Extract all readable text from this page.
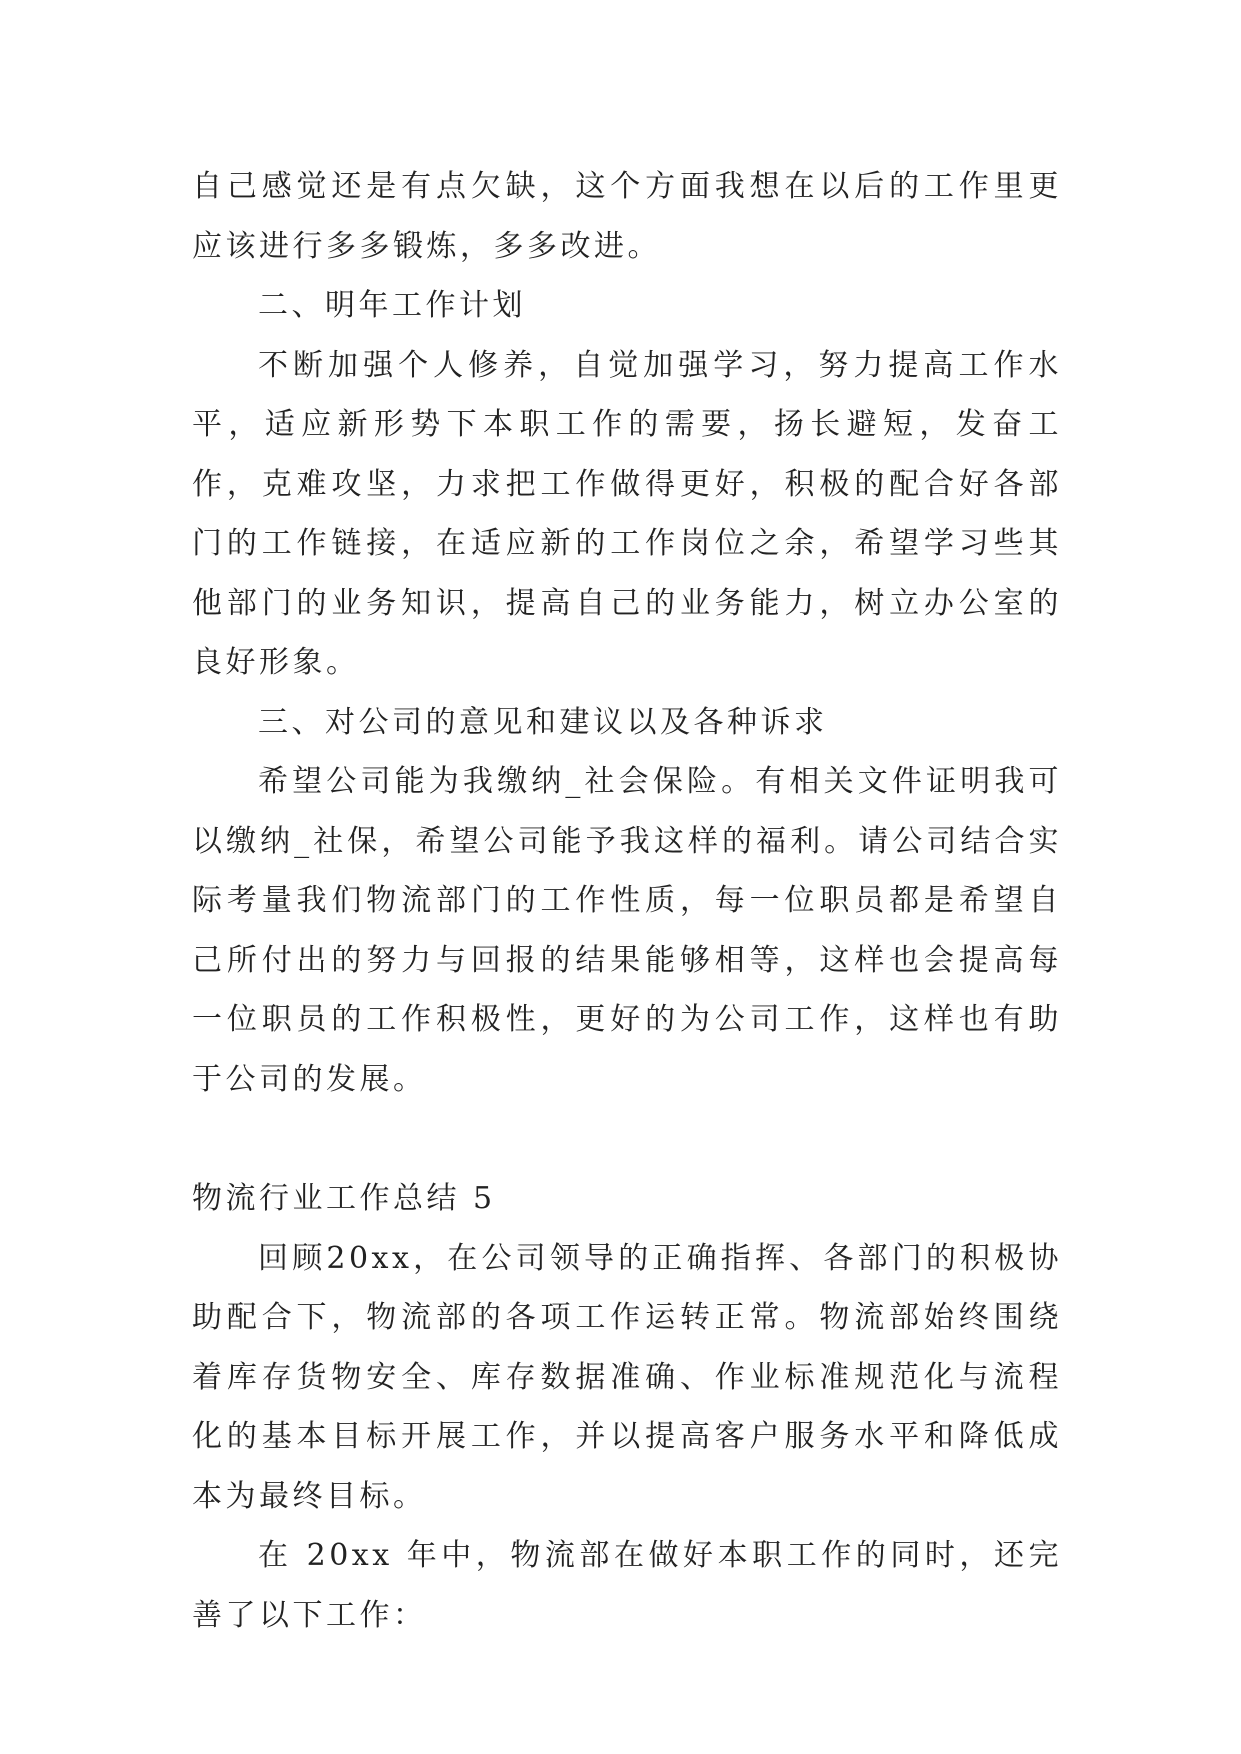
自己感觉还是有点欠缺，这个方面我想在以后的工作里更应该进行多多锻炼，多多改进。

二、明年工作计划

不断加强个人修养，自觉加强学习，努力提高工作水平，适应新形势下本职工作的需要，扬长避短，发奋工作，克难攻坚，力求把工作做得更好，积极的配合好各部门的工作链接，在适应新的工作岗位之余，希望学习些其他部门的业务知识，提高自己的业务能力，树立办公室的良好形象。

三、对公司的意见和建议以及各种诉求

希望公司能为我缴纳_社会保险。有相关文件证明我可以缴纳_社保，希望公司能予我这样的福利。请公司结合实际考量我们物流部门的工作性质，每一位职员都是希望自己所付出的努力与回报的结果能够相等，这样也会提高每一位职员的工作积极性，更好的为公司工作，这样也有助于公司的发展。

物流行业工作总结 5

回顾20xx，在公司领导的正确指挥、各部门的积极协助配合下，物流部的各项工作运转正常。物流部始终围绕着库存货物安全、库存数据准确、作业标准规范化与流程化的基本目标开展工作，并以提高客户服务水平和降低成本为最终目标。

在 20xx 年中，物流部在做好本职工作的同时，还完善了以下工作：
